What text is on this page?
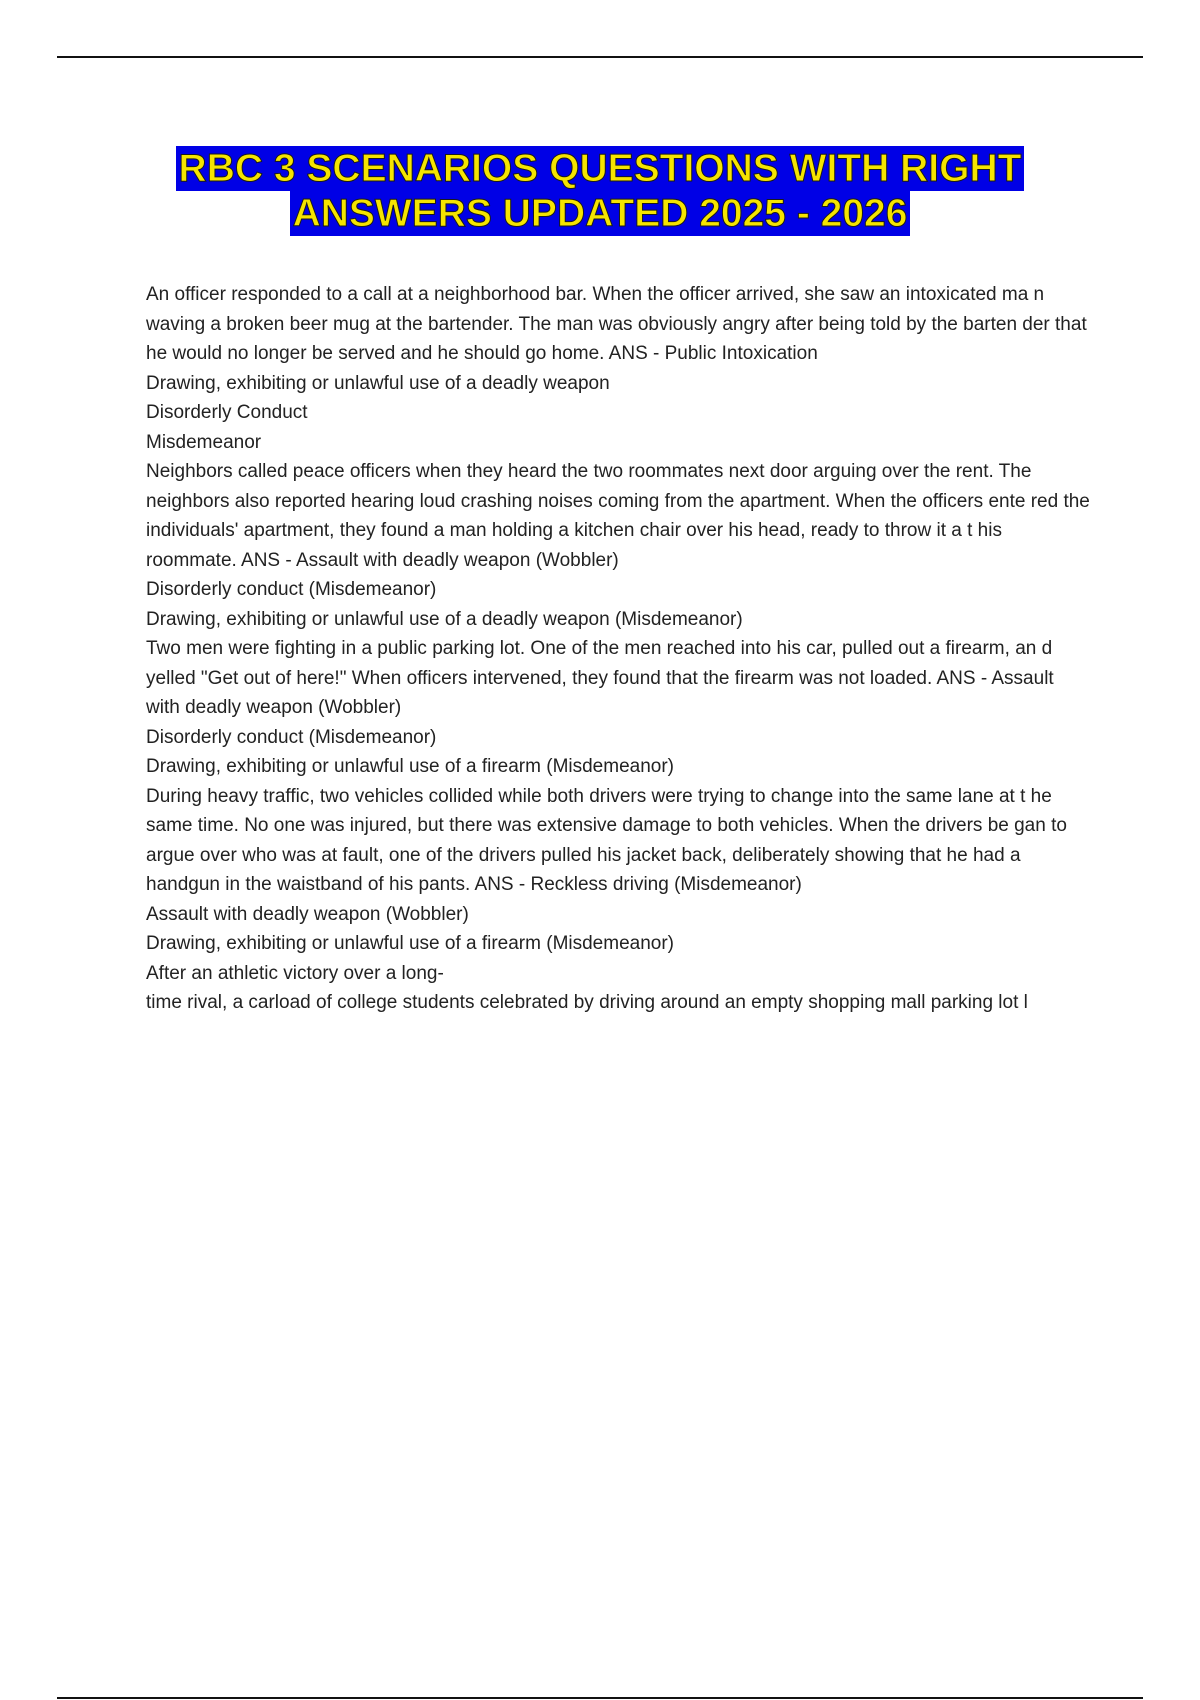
RBC 3 SCENARIOS QUESTIONS WITH RIGHT
ANSWERS UPDATED 2025 - 2026

An officer responded to a call at a neighborhood bar. When the officer arrived, she saw an intoxicated ma n waving a broken beer mug at the bartender. The man was obviously angry after being told by the barten der that he would no longer be served and he should go home. ANS - Public Intoxication

Drawing, exhibiting or unlawful use of a deadly weapon

Disorderly Conduct

Misdemeanor

Neighbors called peace officers when they heard the two roommates next door arguing over the rent. The neighbors also reported hearing loud crashing noises coming from the apartment. When the officers ente red the individuals' apartment, they found a man holding a kitchen chair over his head, ready to throw it a t his roommate. ANS - Assault with deadly weapon (Wobbler)

Disorderly conduct (Misdemeanor)

Drawing, exhibiting or unlawful use of a deadly weapon (Misdemeanor)

Two men were fighting in a public parking lot. One of the men reached into his car, pulled out a firearm, an d yelled "Get out of here!" When officers intervened, they found that the firearm was not loaded. ANS - Assault with deadly weapon (Wobbler)

Disorderly conduct (Misdemeanor)

Drawing, exhibiting or unlawful use of a firearm (Misdemeanor)

During heavy traffic, two vehicles collided while both drivers were trying to change into the same lane at t he same time. No one was injured, but there was extensive damage to both vehicles. When the drivers be gan to argue over who was at fault, one of the drivers pulled his jacket back, deliberately showing that he had a handgun in the waistband of his pants. ANS - Reckless driving (Misdemeanor)

Assault with deadly weapon (Wobbler)

Drawing, exhibiting or unlawful use of a firearm (Misdemeanor)

After an athletic victory over a long-

time rival, a carload of college students celebrated by driving around an empty shopping mall parking lot l
